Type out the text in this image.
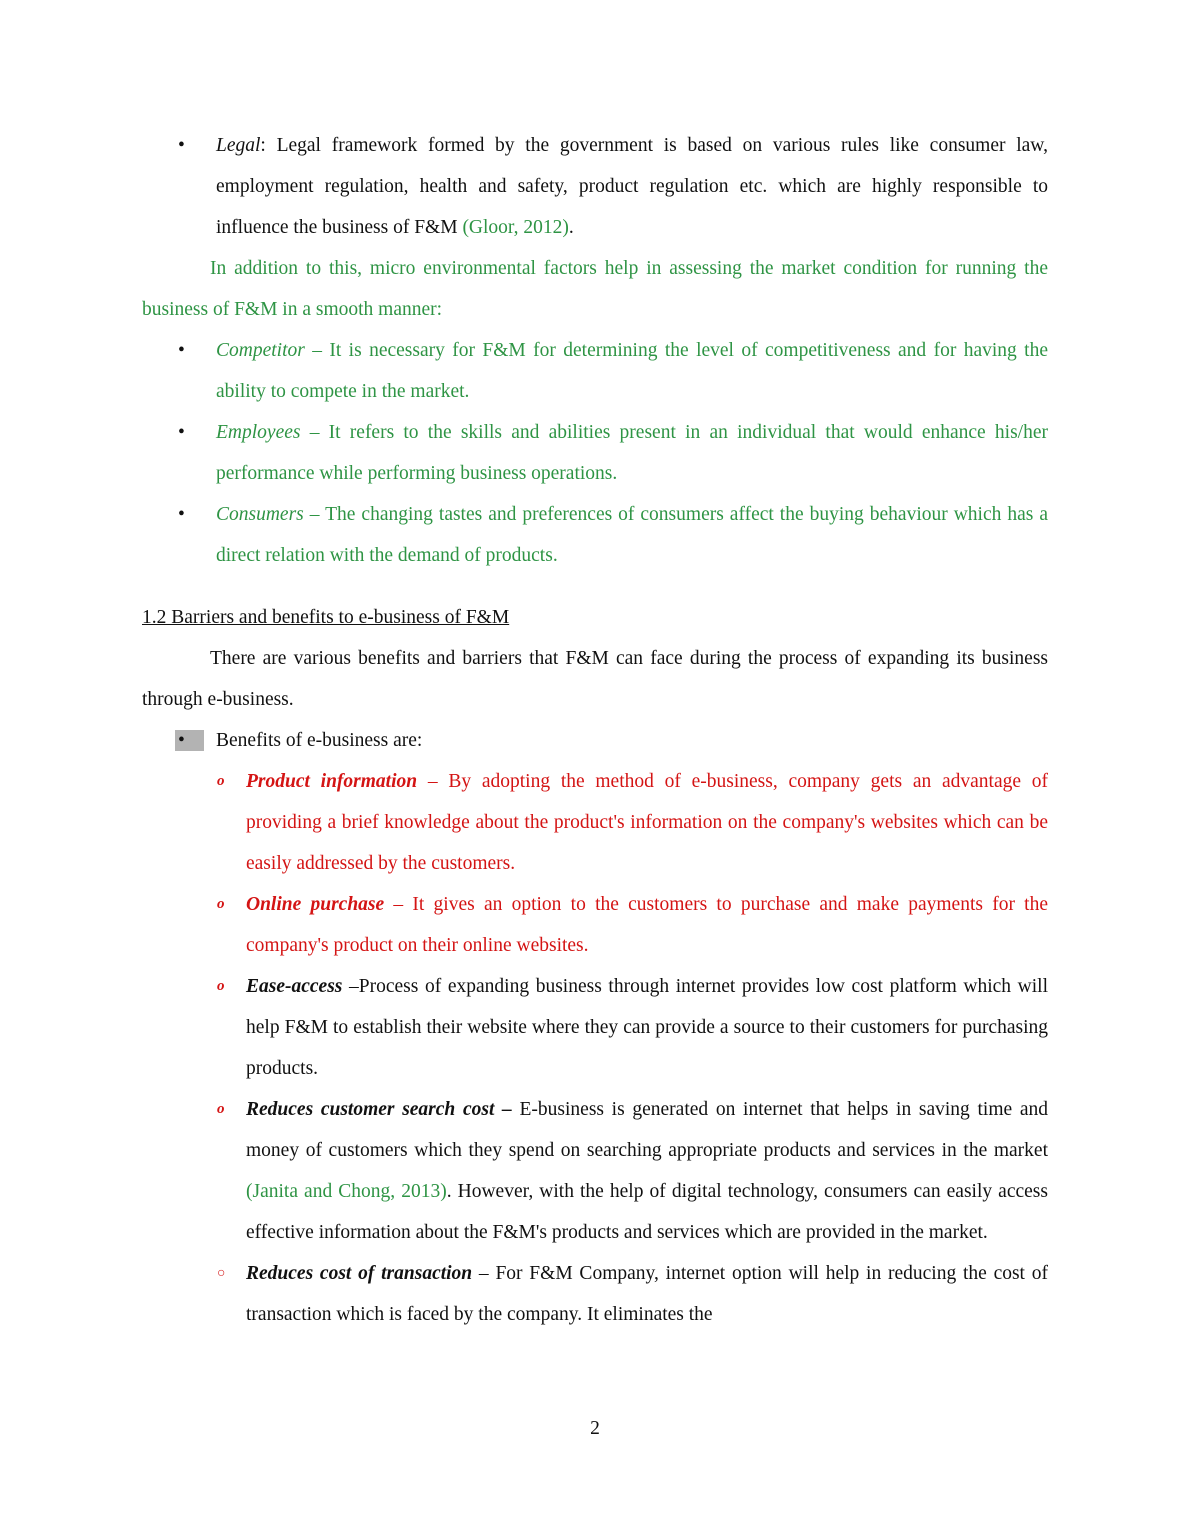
• Legal: Legal framework formed by the government is based on various rules like consumer law, employment regulation, health and safety, product regulation etc. which are highly responsible to influence the business of F&M (Gloor, 2012).

In addition to this, micro environmental factors help in assessing the market condition for running the business of F&M in a smooth manner:

• Competitor – It is necessary for F&M for determining the level of competitiveness and for having the ability to compete in the market.
• Employees – It refers to the skills and abilities present in an individual that would enhance his/her performance while performing business operations.
• Consumers – The changing tastes and preferences of consumers affect the buying behaviour which has a direct relation with the demand of products.
1.2 Barriers and benefits to e-business of F&M

There are various benefits and barriers that F&M can face during the process of expanding its business through e-business.

•	Benefits of e-business are:
o Product information – By adopting the method of e-business, company gets an advantage of providing a brief knowledge about the product's information on the company's websites which can be easily addressed by the customers.
o Online purchase – It gives an option to the customers to purchase and make payments for the company's product on their online websites.
o Ease-access –Process of expanding business through internet provides low cost platform which will help F&M to establish their website where they can provide a source to their customers for purchasing products.
o Reduces customer search cost – E-business is generated on internet that helps in saving time and money of customers which they spend on searching appropriate products and services in the market (Janita and Chong, 2013). However, with the help of digital technology, consumers can easily access effective information about the F&M's products and services which are provided in the market.
○ Reduces cost of transaction – For F&M Company, internet option will help in reducing the cost of transaction which is faced by the company. It eliminates the
2
